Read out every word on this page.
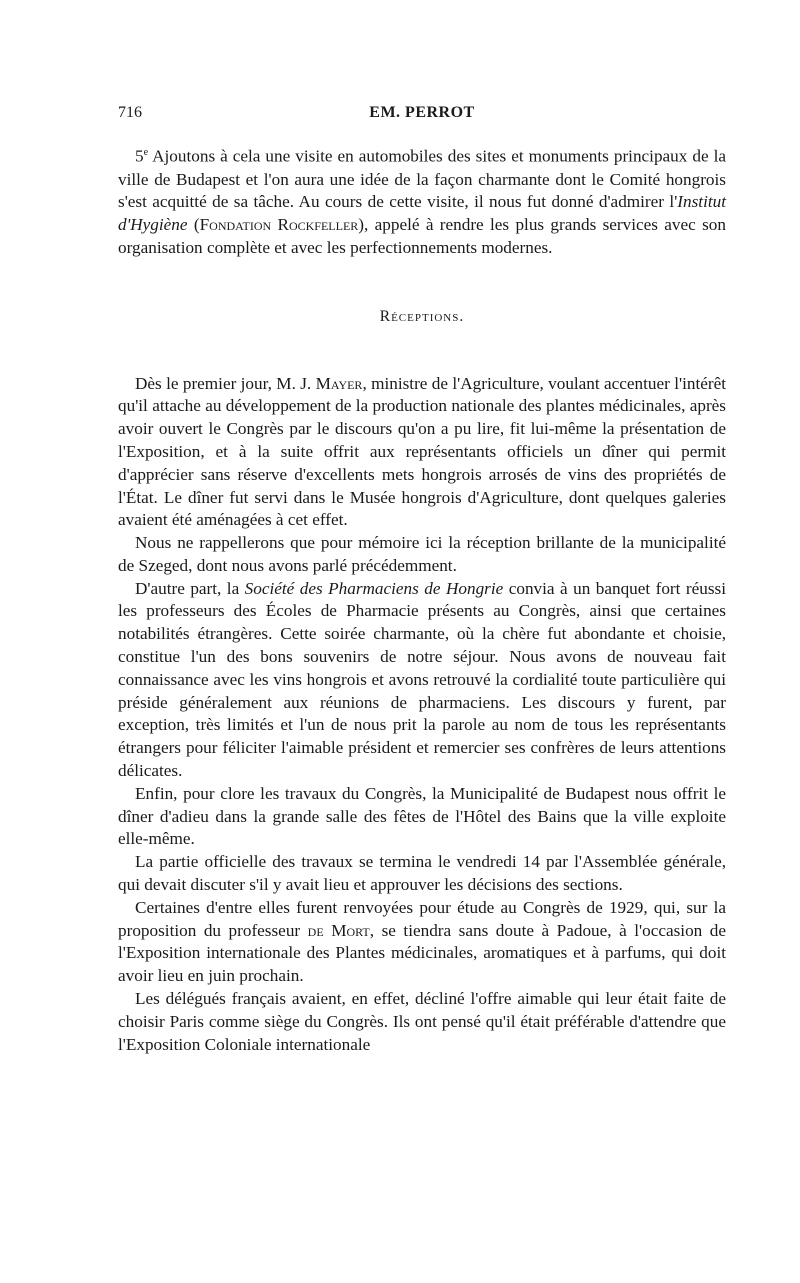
716	EM. PERROT

5e Ajoutons à cela une visite en automobiles des sites et monuments principaux de la ville de Budapest et l'on aura une idée de la façon charmante dont le Comité hongrois s'est acquitté de sa tâche. Au cours de cette visite, il nous fut donné d'admirer l'Institut d'Hygiène (Fondation Rockfeller), appelé à rendre les plus grands services avec son organisation complète et avec les perfectionnements modernes.

Réceptions.

Dès le premier jour, M. J. Mayer, ministre de l'Agriculture, voulant accentuer l'intérêt qu'il attache au développement de la production nationale des plantes médicinales, après avoir ouvert le Congrès par le discours qu'on a pu lire, fit lui-même la présentation de l'Exposition, et à la suite offrit aux représentants officiels un dîner qui permit d'apprécier sans réserve d'excellents mets hongrois arrosés de vins des propriétés de l'État. Le dîner fut servi dans le Musée hongrois d'Agriculture, dont quelques galeries avaient été aménagées à cet effet.

Nous ne rappellerons que pour mémoire ici la réception brillante de la municipalité de Szeged, dont nous avons parlé précédemment.

D'autre part, la Société des Pharmaciens de Hongrie convia à un banquet fort réussi les professeurs des Écoles de Pharmacie présents au Congrès, ainsi que certaines notabilités étrangères. Cette soirée charmante, où la chère fut abondante et choisie, constitue l'un des bons souvenirs de notre séjour. Nous avons de nouveau fait connaissance avec les vins hongrois et avons retrouvé la cordialité toute particulière qui préside généralement aux réunions de pharmaciens. Les discours y furent, par exception, très limités et l'un de nous prit la parole au nom de tous les représentants étrangers pour féliciter l'aimable président et remercier ses confrères de leurs attentions délicates.

Enfin, pour clore les travaux du Congrès, la Municipalité de Budapest nous offrit le dîner d'adieu dans la grande salle des fêtes de l'Hôtel des Bains que la ville exploite elle-même.

La partie officielle des travaux se termina le vendredi 14 par l'Assemblée générale, qui devait discuter s'il y avait lieu et approuver les décisions des sections.

Certaines d'entre elles furent renvoyées pour étude au Congrès de 1929, qui, sur la proposition du professeur de Mort, se tiendra sans doute à Padoue, à l'occasion de l'Exposition internationale des Plantes médicinales, aromatiques et à parfums, qui doit avoir lieu en juin prochain.

Les délégués français avaient, en effet, décliné l'offre aimable qui leur était faite de choisir Paris comme siège du Congrès. Ils ont pensé qu'il était préférable d'attendre que l'Exposition Coloniale internationale
